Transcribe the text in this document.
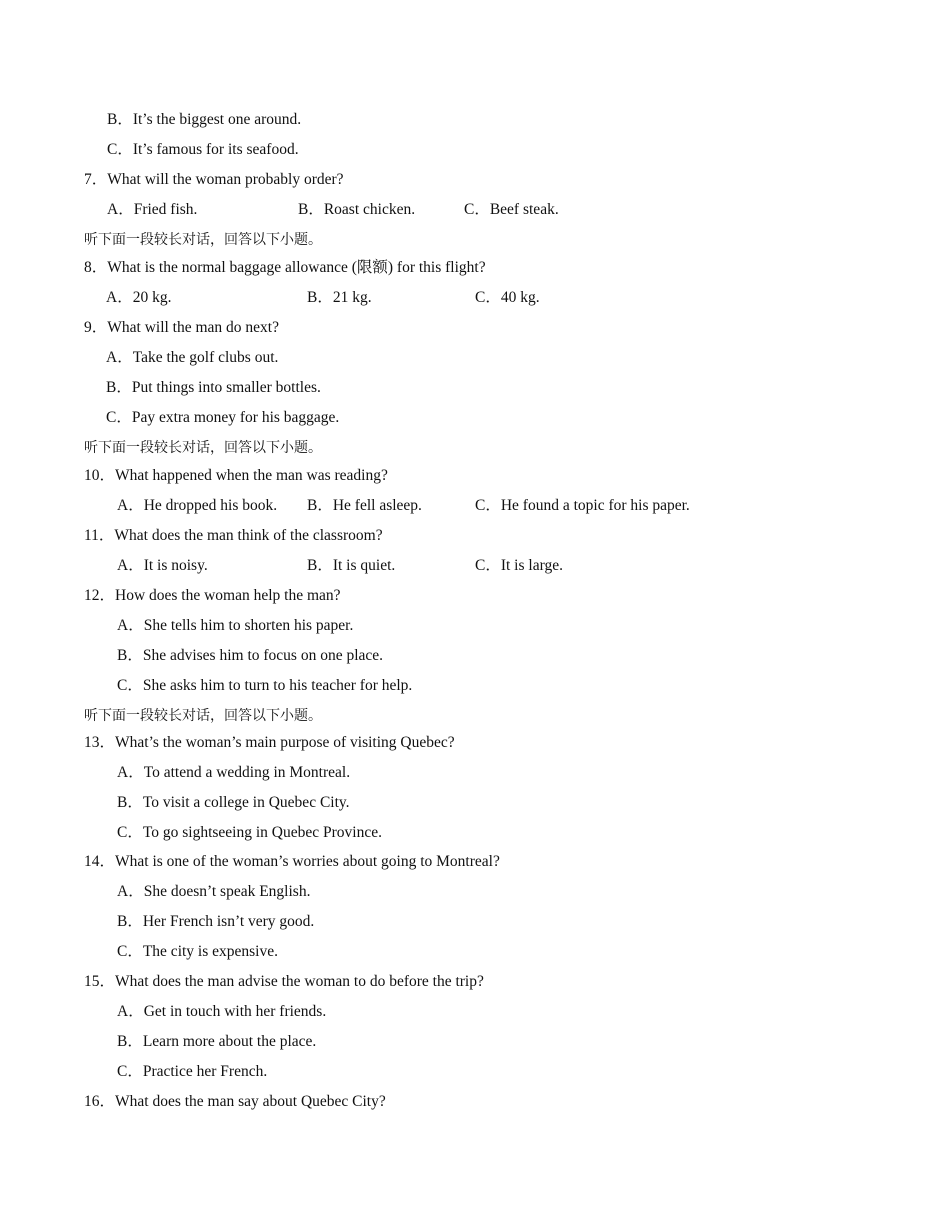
B．It’s the biggest one around.
C．It’s famous for its seafood.
7．What will the woman probably order?
A．Fried fish.	B．Roast chicken.	C．Beef steak.
听下面一段较长对话，回答以下小题。
8．What is the normal baggage allowance (限额) for this flight?
A．20 kg.	B．21 kg.	C．40 kg.
9．What will the man do next?
A．Take the golf clubs out.
B．Put things into smaller bottles.
C．Pay extra money for his baggage.
听下面一段较长对话，回答以下小题。
10．What happened when the man was reading?
A．He dropped his book. B．He fell asleep.	C．He found a topic for his paper.
11．What does the man think of the classroom?
A．It is noisy.	B．It is quiet.	C．It is large.
12．How does the woman help the man?
A．She tells him to shorten his paper.
B．She advises him to focus on one place.
C．She asks him to turn to his teacher for help.
听下面一段较长对话，回答以下小题。
13．What’s the woman’s main purpose of visiting Quebec?
A．To attend a wedding in Montreal.
B．To visit a college in Quebec City.
C．To go sightseeing in Quebec Province.
14．What is one of the woman’s worries about going to Montreal?
A．She doesn’t speak English.
B．Her French isn’t very good.
C．The city is expensive.
15．What does the man advise the woman to do before the trip?
A．Get in touch with her friends.
B．Learn more about the place.
C．Practice her French.
16．What does the man say about Quebec City?
